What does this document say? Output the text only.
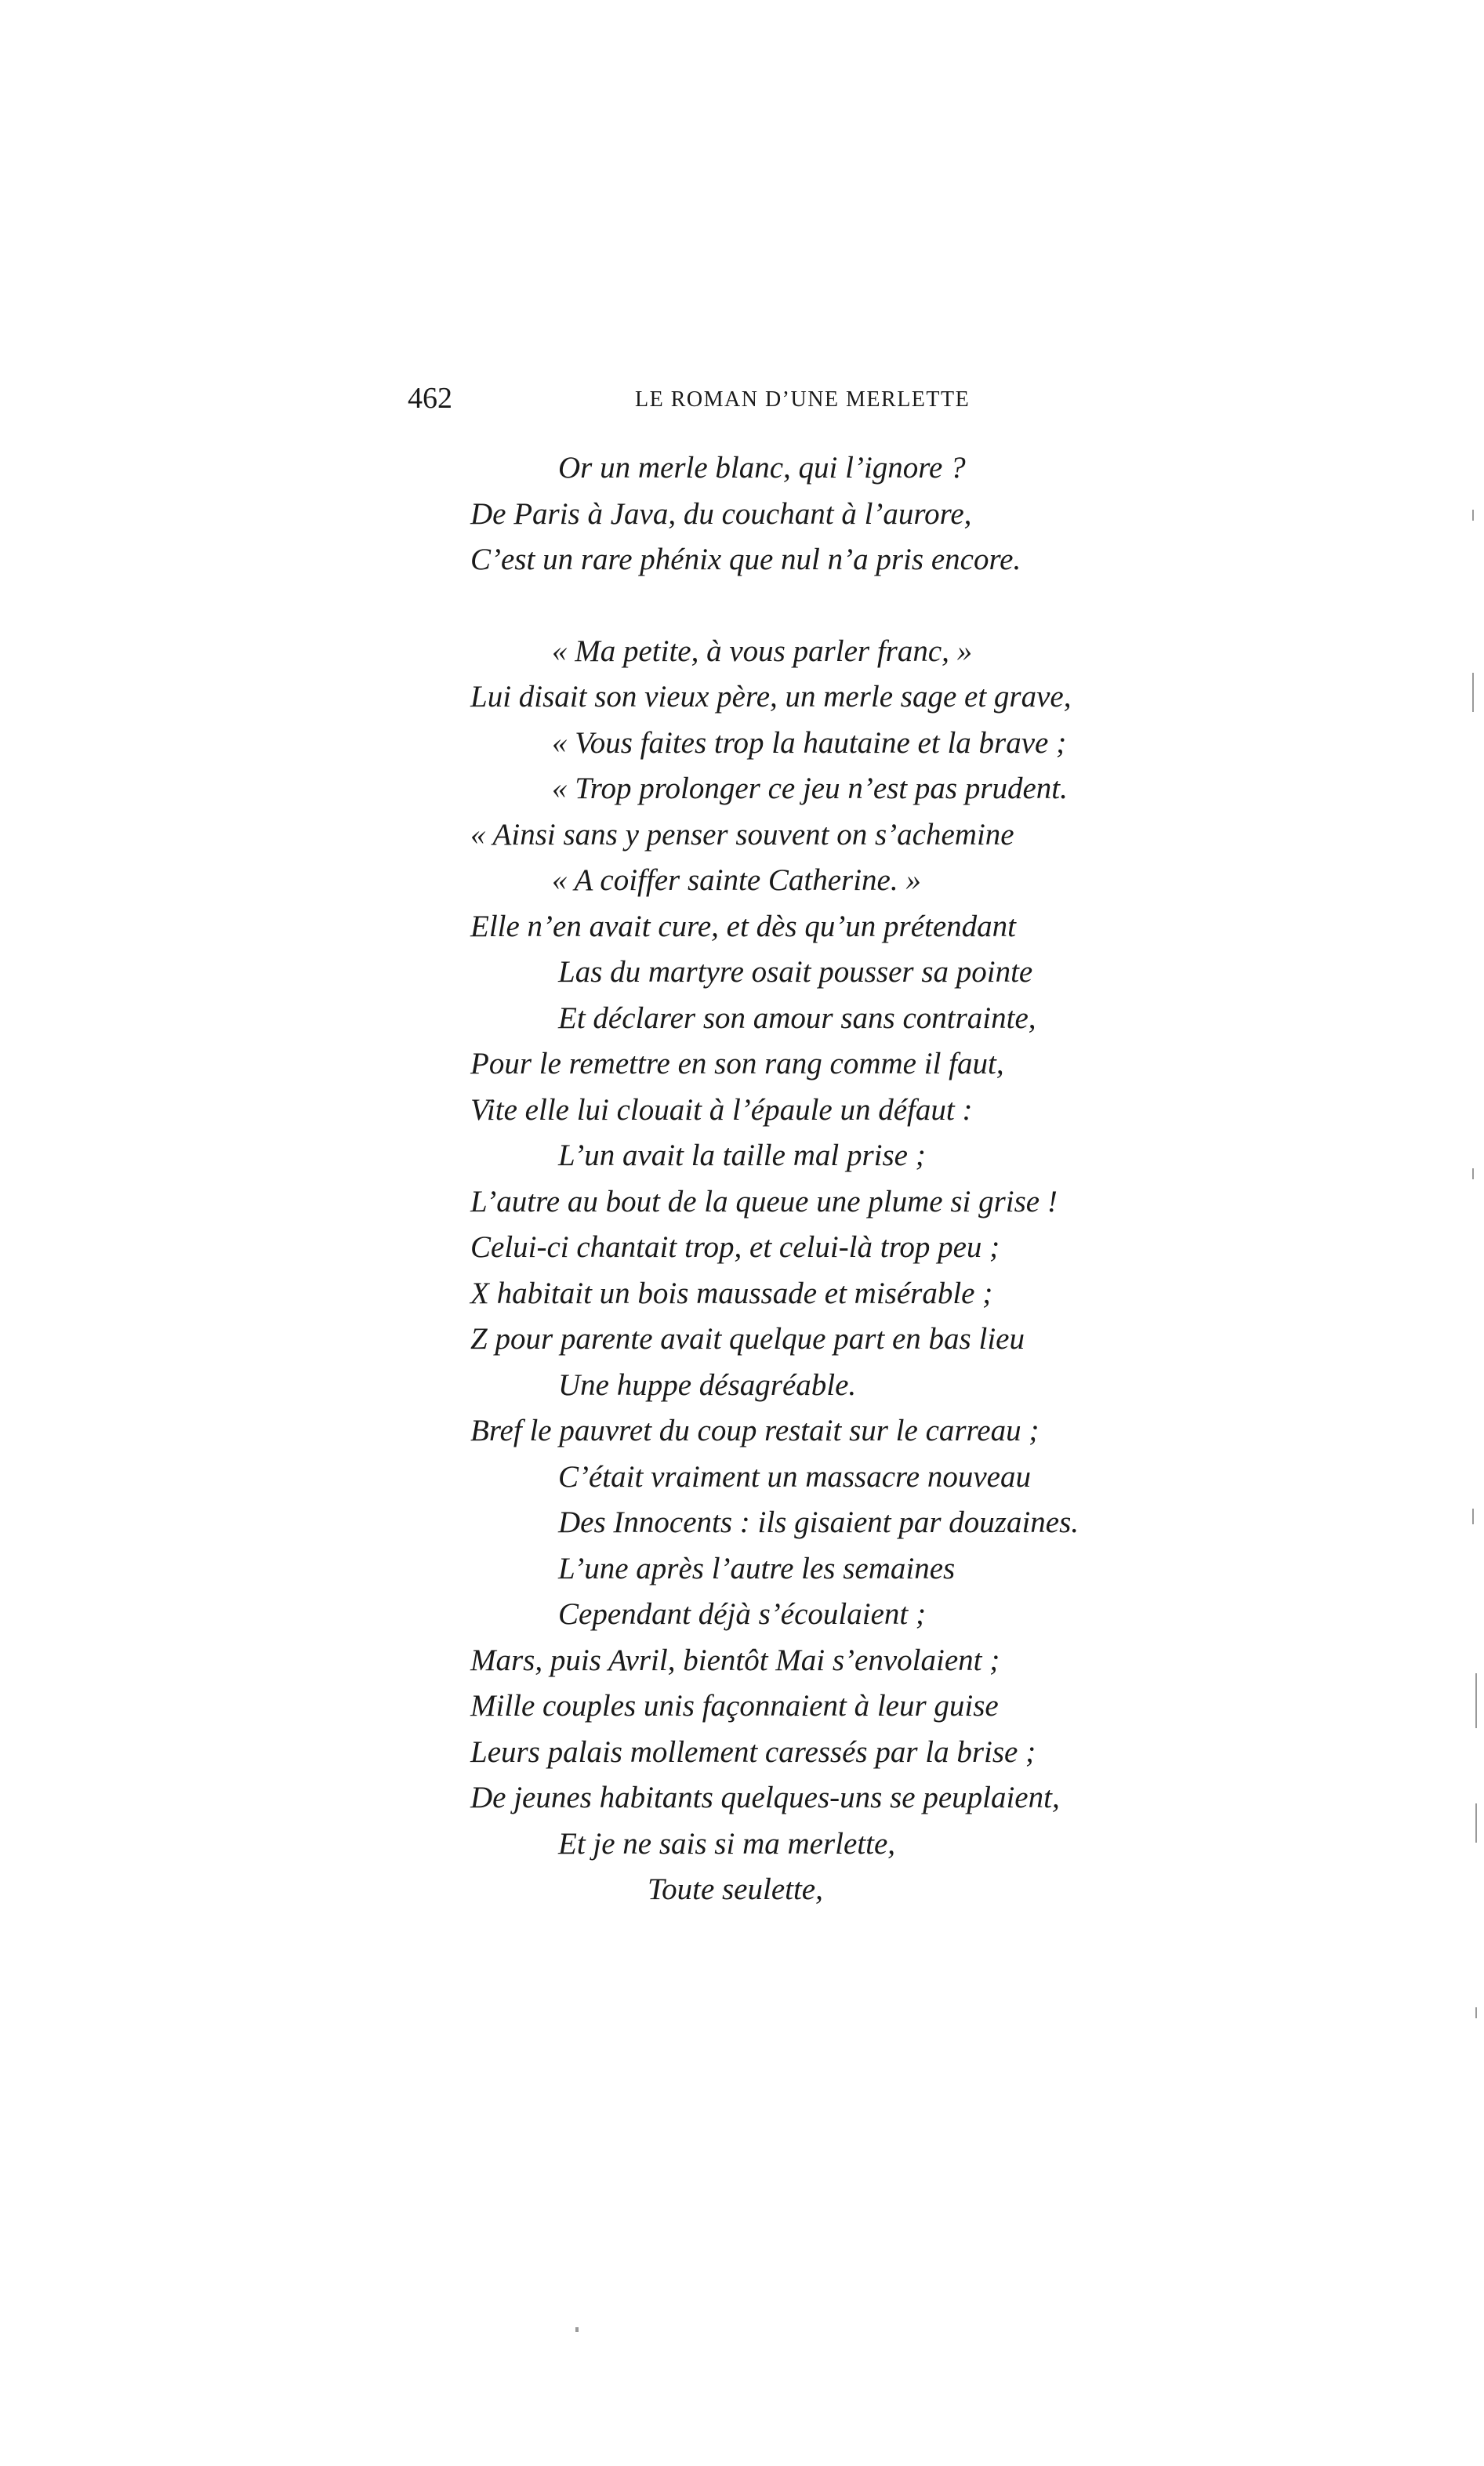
462	LE ROMAN D’UNE MERLETTE
Or un merle blanc, qui l’ignore ?
De Paris à Java, du couchant à l’aurore,
C’est un rare phénix que nul n’a pris encore.
« Ma petite, à vous parler franc, »
Lui disait son vieux père, un merle sage et grave,
« Vous faites trop la hautaine et la brave ;
« Trop prolonger ce jeu n’est pas prudent.
« Ainsi sans y penser souvent on s’achemine
« A coiffer sainte Catherine. »
Elle n’en avait cure, et dès qu’un prétendant
Las du martyre osait pousser sa pointe
Et déclarer son amour sans contrainte,
Pour le remettre en son rang comme il faut,
Vite elle lui clouait à l’épaule un défaut :
L’un avait la taille mal prise ;
L’autre au bout de la queue une plume si grise !
Celui-ci chantait trop, et celui-là trop peu ;
X habitait un bois maussade et misérable ;
Z pour parente avait quelque part en bas lieu
Une huppe désagréable.
Bref le pauvret du coup restait sur le carreau ;
C’était vraiment un massacre nouveau
Des Innocents : ils gisaient par douzaines.
L’une après l’autre les semaines
Cependant déjà s’écoulaient ;
Mars, puis Avril, bientôt Mai s’envolaient ;
Mille couples unis façonnaient à leur guise
Leurs palais mollement caressés par la brise ;
De jeunes habitants quelques-uns se peuplaient,
Et je ne sais si ma merlette,
Toute seulette,
